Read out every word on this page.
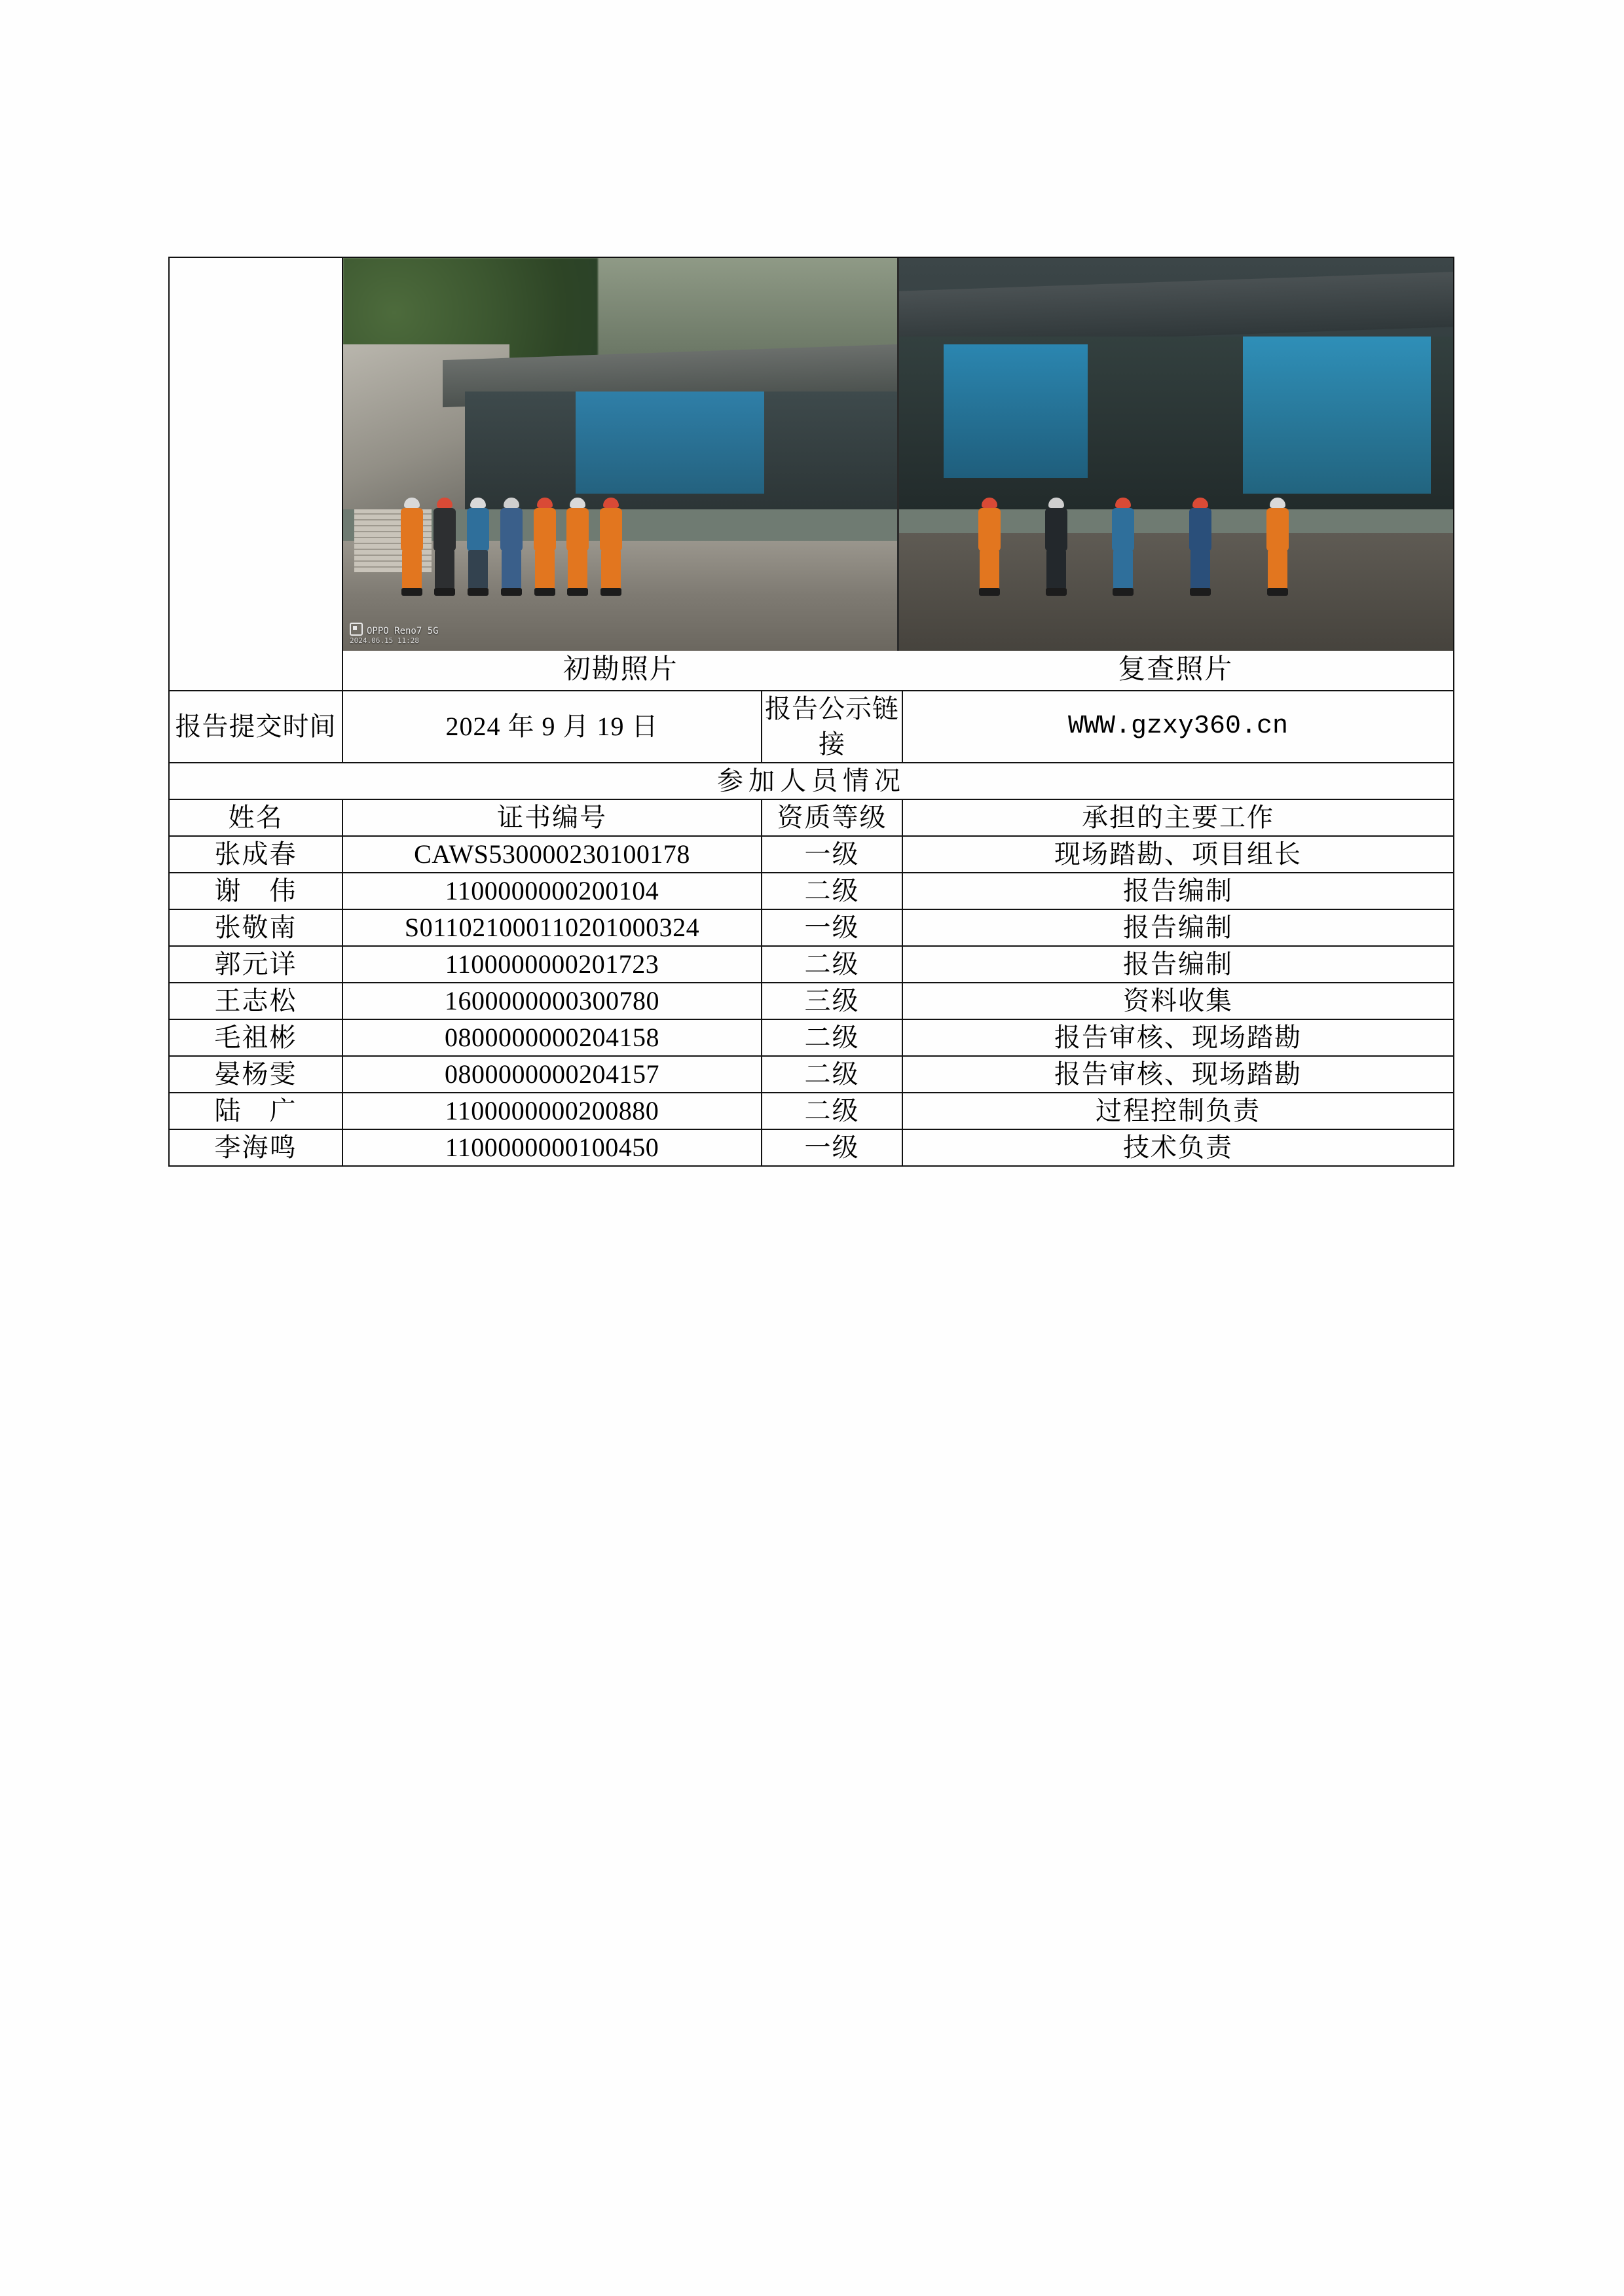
	OPPO Reno7 5G
2024.06.15 11:28
初勘照片 复查照片		

报告提交时间	2024 年 9 月 19 日	报告公示链接	WWW.gzxy360.cn
参加人员情况			
姓名	证书编号	资质等级	承担的主要工作
张成春	CAWS530000230100178	一级	现场踏勘、项目组长
谢　伟	1100000000200104	二级	报告编制
张敬南	S011021000110201000324	一级	报告编制
郭元详	1100000000201723	二级	报告编制
王志松	1600000000300780	三级	资料收集
毛祖彬	0800000000204158	二级	报告审核、现场踏勘
晏杨雯	0800000000204157	二级	报告审核、现场踏勘
陆　广	1100000000200880	二级	过程控制负责
李海鸣	1100000000100450	一级	技术负责
